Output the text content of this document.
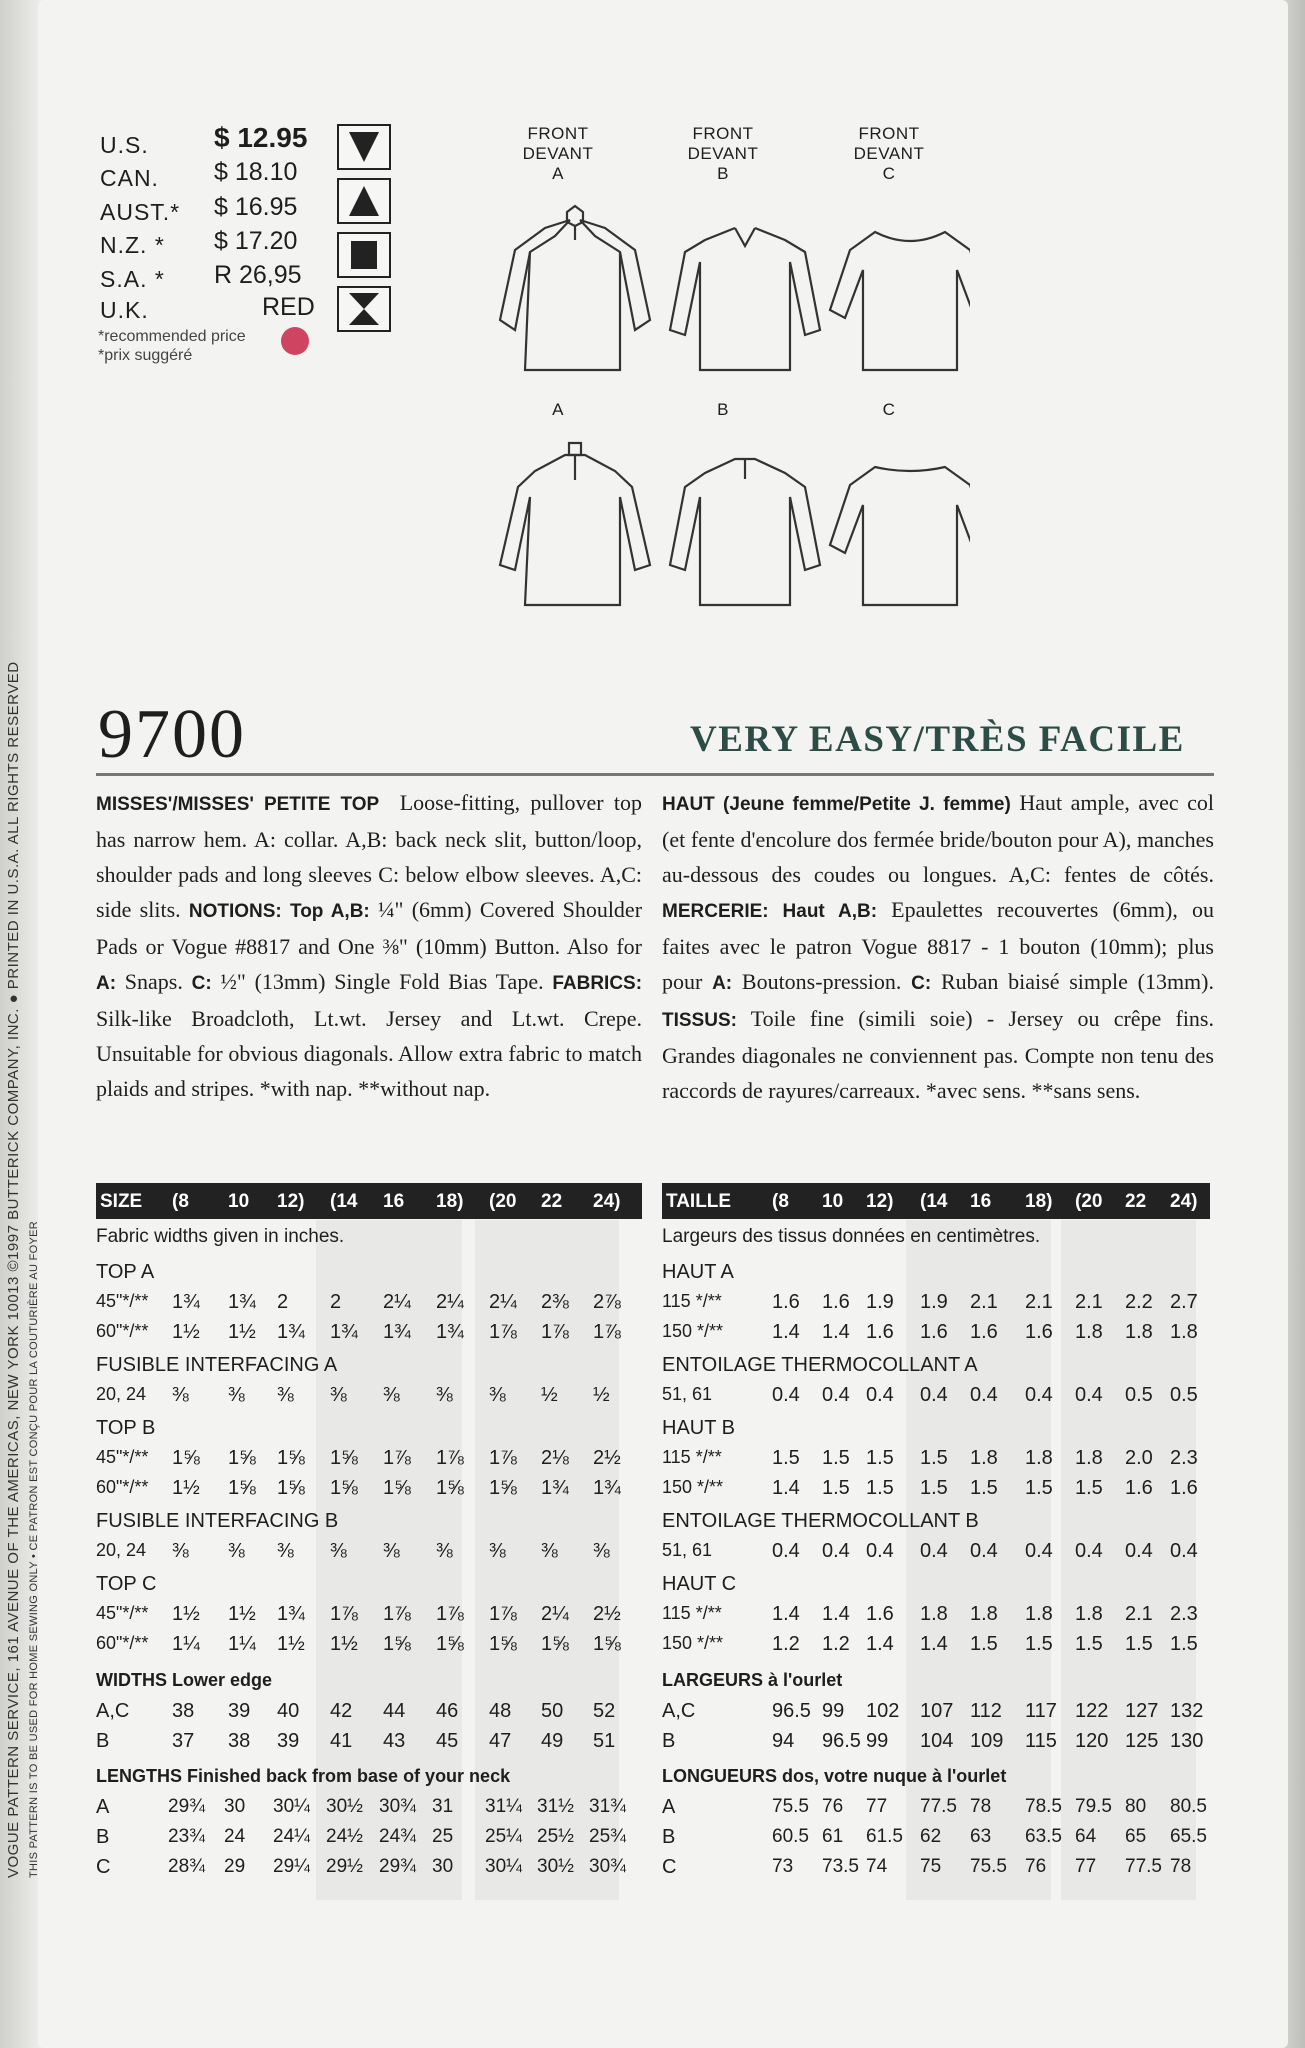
VOGUE PATTERN SERVICE, 161 AVENUE OF THE AMERICAS, NEW YORK 10013 ©1997 BUTTERICK COMPANY, INC. ● PRINTED IN U.S.A. ALL RIGHTS RESERVED THIS PATTERN IS TO BE USED FOR HOME SEWING ONLY • CE PATRON EST CONÇU POUR LA COUTURIÈRE AU FOYER
U.S. $ 12.95
CAN. $ 18.10
AUST.* $ 16.95
N.Z. * $ 17.20
S.A. * R 26,95
U.K.	RED
*recommended price
*prix suggéré
FRONT
DEVANT
A
FRONT
DEVANT
B
FRONT
DEVANT
C
A	B	C
9700	VERY EASY/TRÈS FACILE
MISSES'/MISSES' PETITE TOP Loose-fitting, pullover top has narrow hem. A: collar. A,B: back neck slit, button/loop, shoulder pads and long sleeves C: below elbow sleeves. A,C: side slits. NOTIONS: Top A,B: ¼" (6mm) Covered Shoulder Pads or Vogue #8817 and One ⅜" (10mm) Button. Also for A: Snaps. C: ½" (13mm) Single Fold Bias Tape. FABRICS: Silk-like Broadcloth, Lt.wt. Jersey and Lt.wt. Crepe. Unsuitable for obvious diagonals. Allow extra fabric to match plaids and stripes. *with nap. **without nap.
HAUT (Jeune femme/Petite J. femme) Haut ample, avec col (et fente d'encolure dos fermée bride/bouton pour A), manches au-dessous des coudes ou longues. A,C: fentes de côtés. MERCERIE: Haut A,B: Epaulettes recouvertes (6mm), ou faites avec le patron Vogue 8817 - 1 bouton (10mm); plus pour A: Boutons-pression. C: Ruban biaisé simple (13mm). TISSUS: Toile fine (simili soie) - Jersey ou crêpe fins. Grandes diagonales ne conviennent pas. Compte non tenu des raccords de rayures/carreaux. *avec sens. **sans sens.
SIZE (8 10 12) (14 16 18) (20 22 24)
Fabric widths given in inches.
TOP A
45"*/** 1¾ 1¾ 2 2 2¼ 2¼ 2¼ 2⅜ 2⅞
60"*/** 1½ 1½ 1¾ 1¾ 1¾ 1¾ 1⅞ 1⅞ 1⅞
FUSIBLE INTERFACING A
20, 24 ⅜ ⅜ ⅜ ⅜ ⅜ ⅜ ⅜ ½ ½
TOP B
45"*/** 1⅝ 1⅝ 1⅝ 1⅝ 1⅞ 1⅞ 1⅞ 2⅛ 2½
60"*/** 1½ 1⅝ 1⅝ 1⅝ 1⅝ 1⅝ 1⅝ 1¾ 1¾
FUSIBLE INTERFACING B
20, 24 ⅜ ⅜ ⅜ ⅜ ⅜ ⅜ ⅜ ⅜ ⅜
TOP C
45"*/** 1½ 1½ 1¾ 1⅞ 1⅞ 1⅞ 1⅞ 2¼ 2½
60"*/** 1¼ 1¼ 1½ 1½ 1⅝ 1⅝ 1⅝ 1⅝ 1⅝
WIDTHS Lower edge
A,C 38 39 40 42 44 46 48 50 52
B	37 38 39 41 43 45 47 49 51
LENGTHS Finished back from base of your neck
A	29¾ 30 30¼ 30½ 30¾ 31 31¼ 31½ 31¾
B	23¾ 24 24¼ 24½ 24¾ 25 25¼ 25½ 25¾
C	28¾ 29 29¼ 29½ 29¾ 30 30¼ 30½ 30¾
TAILLE (8 10 12) (14 16 18) (20 22 24)
Largeurs des tissus données en centimètres.
HAUT A
115 */**	1.6 1.6 1.9 1.9 2.1 2.1 2.1 2.2 2.7
150 */** 1.4 1.4 1.6 1.6 1.6 1.6 1.8 1.8 1.8
ENTOILAGE THERMOCOLLANT A
51, 61	0.4 0.4 0.4 0.4 0.4 0.4 0.4 0.5 0.5
HAUT B
115 */**	1.5 1.5 1.5 1.5 1.8 1.8 1.8 2.0 2.3
150 */** 1.4 1.5 1.5 1.5 1.5 1.5 1.5 1.6 1.6
ENTOILAGE THERMOCOLLANT B
51, 61	0.4 0.4 0.4 0.4 0.4 0.4 0.4 0.4 0.4
HAUT C
115 */**	1.4 1.4 1.6 1.8 1.8 1.8 1.8 2.1 2.3
150 */** 1.2 1.2 1.4 1.4 1.5 1.5 1.5 1.5 1.5
LARGEURS à l'ourlet
A,C	96.5 99 102 107 112 117 122 127 132
B	94 96.5 99 104 109 115 120 125 130
LONGUEURS dos, votre nuque à l'ourlet
A	75.5 76 77 77.5 78 78.5 79.5 80 80.5
B	60.5 61 61.5 62 63 63.5 64 65 65.5
C	73 73.5 74 75 75.5 76 77 77.5 78
